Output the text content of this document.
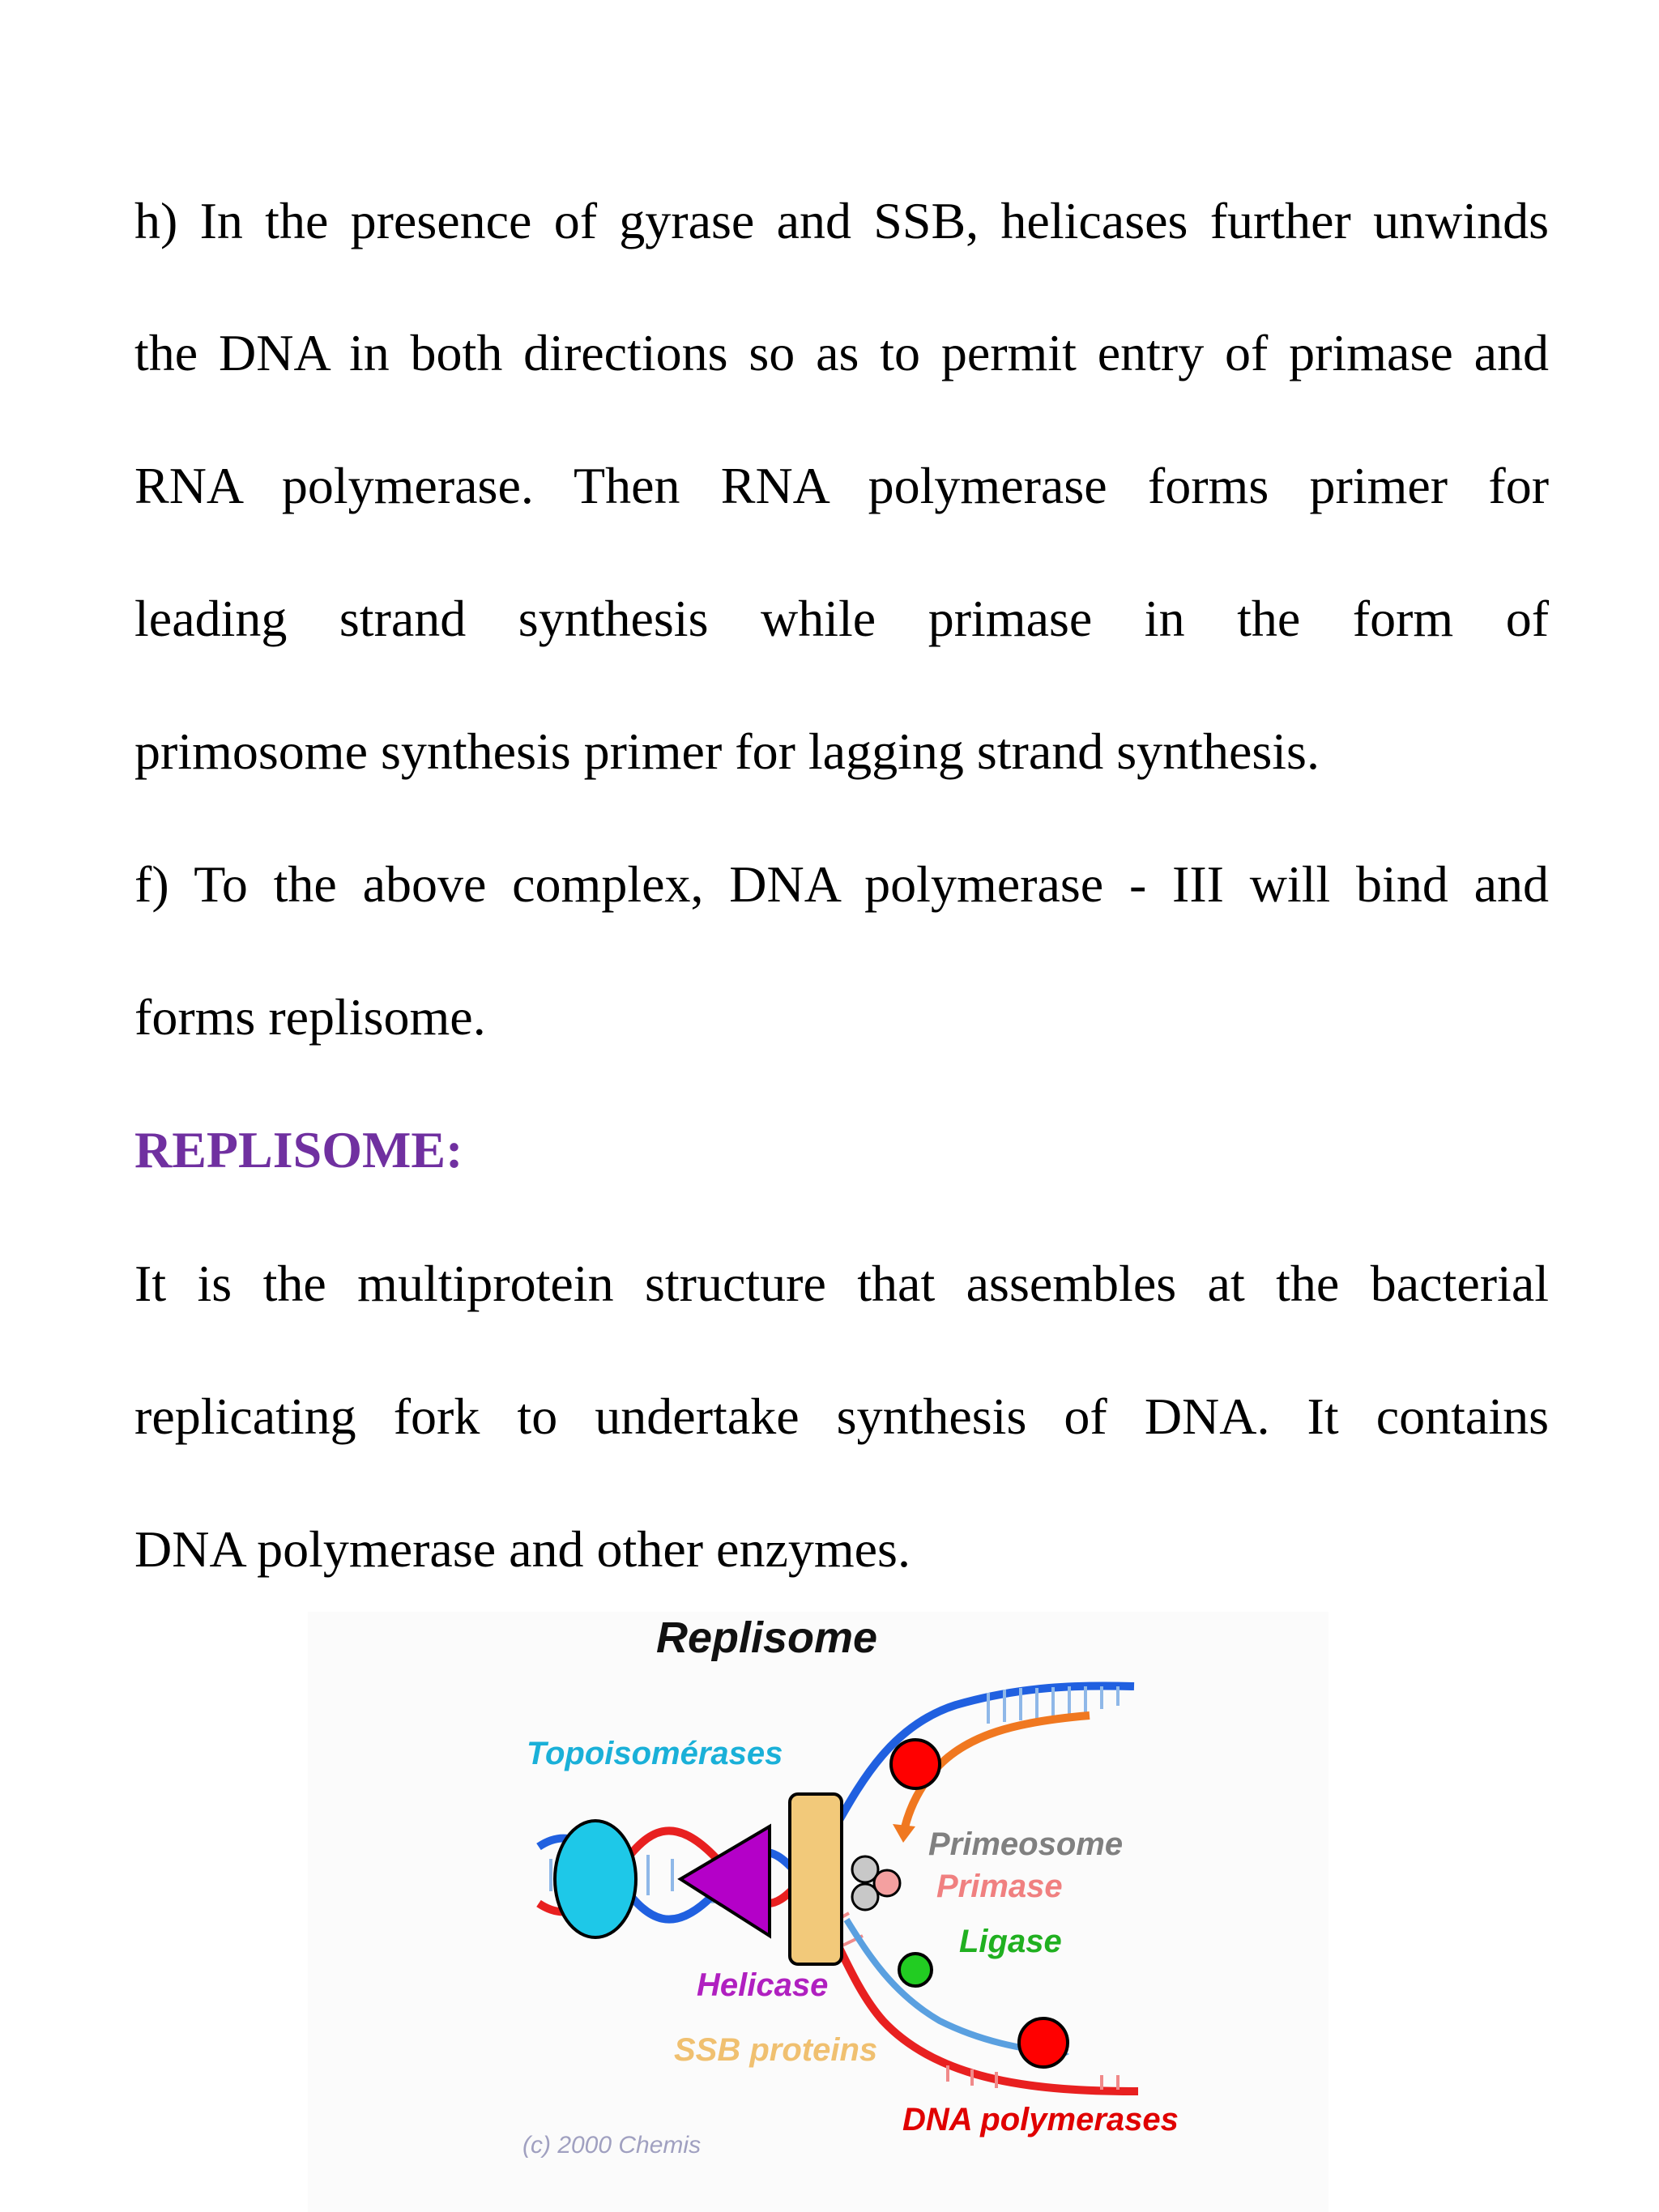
h) In the presence of gyrase and SSB, helicases further unwinds
the DNA in both directions so as to permit entry of primase and
RNA polymerase. Then RNA polymerase forms primer for
leading strand synthesis while primase in the form of
primosome synthesis primer for lagging strand synthesis.
f) To the above complex, DNA polymerase - III will bind and
forms replisome.
REPLISOME:
It is the multiprotein structure that assembles at the bacterial
replicating fork to undertake synthesis of DNA. It contains
DNA polymerase and other enzymes.
Replisome
Topoisomérases
Primeosome
Primase
Ligase
Helicase
SSB proteins
DNA polymerases
(c) 2000 Chemis
